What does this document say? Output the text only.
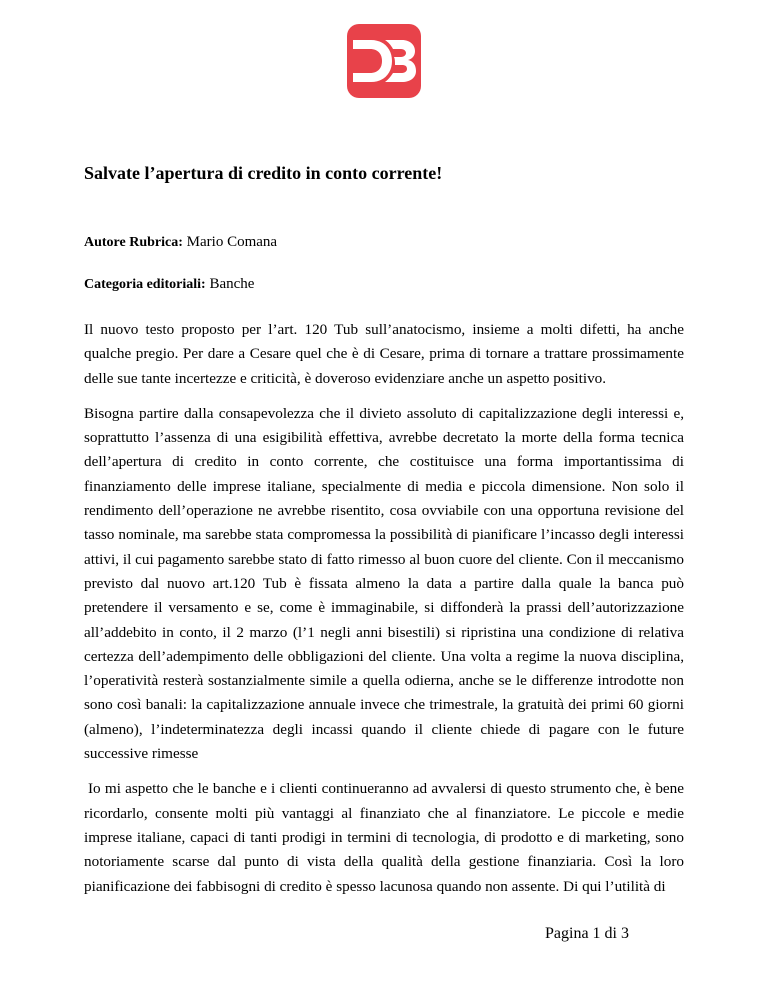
Salvate l’apertura di credito in conto corrente!

Autore Rubrica: Mario Comana

Categoria editoriali: Banche

Il nuovo testo proposto per l’art. 120 Tub sull’anatocismo, insieme a molti difetti, ha anche qualche pregio. Per dare a Cesare quel che è di Cesare, prima di tornare a trattare prossimamente delle sue tante incertezze e criticità, è doveroso evidenziare anche un aspetto positivo.

Bisogna partire dalla consapevolezza che il divieto assoluto di capitalizzazione degli interessi e, soprattutto l’assenza di una esigibilità effettiva, avrebbe decretato la morte della forma tecnica dell’apertura di credito in conto corrente, che costituisce una forma importantissima di finanziamento delle imprese italiane, specialmente di media e piccola dimensione. Non solo il rendimento dell’operazione ne avrebbe risentito, cosa ovviabile con una opportuna revisione del tasso nominale, ma sarebbe stata compromessa la possibilità di pianificare l’incasso degli interessi attivi, il cui pagamento sarebbe stato di fatto rimesso al buon cuore del cliente. Con il meccanismo previsto dal nuovo art.120 Tub è fissata almeno la data a partire dalla quale la banca può pretendere il versamento e se, come è immaginabile, si diffonderà la prassi dell’autorizzazione all’addebito in conto, il 2 marzo (l’1 negli anni bisestili) si ripristina una condizione di relativa certezza dell’adempimento delle obbligazioni del cliente. Una volta a regime la nuova disciplina, l’operatività resterà sostanzialmente simile a quella odierna, anche se le differenze introdotte non sono così banali: la capitalizzazione annuale invece che trimestrale, la gratuità dei primi 60 giorni (almeno), l’indeterminatezza degli incassi quando il cliente chiede di pagare con le future successive rimesse

Io mi aspetto che le banche e i clienti continueranno ad avvalersi di questo strumento che, è bene ricordarlo, consente molti più vantaggi al finanziato che al finanziatore. Le piccole e medie imprese italiane, capaci di tanti prodigi in termini di tecnologia, di prodotto e di marketing, sono notoriamente scarse dal punto di vista della qualità della gestione finanziaria. Così la loro pianificazione dei fabbisogni di credito è spesso lacunosa quando non assente. Di qui l’utilità di

Pagina 1 di 3
